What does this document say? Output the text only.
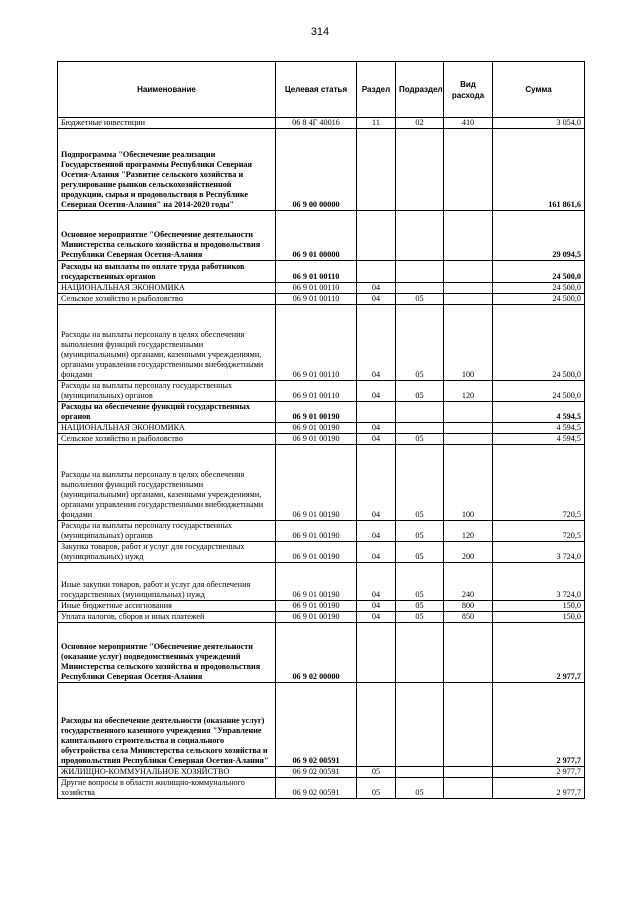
314
Наименование	Целевая статья	Раздел	Подраздел	Вид расхода	Сумма
Бюджетные инвестиции	06 8 4Г 40016	11	02	410	3 054,0
Подпрограмма "Обеспечение реализации Государственной программы Республики Северная Осетия-Алания "Развитие сельского хозяйства и регулирование рынков сельскохозяйственной продукции, сырья и продовольствия в Республике Северная Осетия-Алания" на 2014-2020 годы"	06 9 00 00000				161 861,6
Основное мероприятие "Обеспечение деятельности Министерства сельского хозяйства и продовольствия Республики Северная Осетия-Алания	06 9 01 00000				29 094,5
Расходы на выплаты по оплате труда работников государственных органов	06 9 01 00110				24 500,0
НАЦИОНАЛЬНАЯ ЭКОНОМИКА	06 9 01 00110	04			24 500,0
Сельское хозяйство и рыболовство	06 9 01 00110	04	05		24 500,0
Расходы на выплаты персоналу в целях обеспечения выполнения функций государственными (муниципальными) органами, казенными учреждениями, органами управления государственными внебюджетными фондами	06 9 01 00110	04	05	100	24 500,0
Расходы на выплаты персоналу государственных (муниципальных) органов	06 9 01 00110	04	05	120	24 500,0
Расходы на обеспечение функций государственных органов	06 9 01 00190				4 594,5
НАЦИОНАЛЬНАЯ ЭКОНОМИКА	06 9 01 00190	04			4 594,5
Сельское хозяйство и рыболовство	06 9 01 00190	04	05		4 594,5
Расходы на выплаты персоналу в целях обеспечения выполнения функций государственными (муниципальными) органами, казенными учреждениями, органами управления государственными внебюджетными фондами	06 9 01 00190	04	05	100	720,5
Расходы на выплаты персоналу государственных (муниципальных) органов	06 9 01 00190	04	05	120	720,5
Закупка товаров, работ и услуг для государственных (муниципальных) нужд	06 9 01 00190	04	05	200	3 724,0
Иные закупки товаров, работ и услуг для обеспечения государственных (муниципальных) нужд	06 9 01 00190	04	05	240	3 724,0
Иные бюджетные ассигнования	06 9 01 00190	04	05	800	150,0
Уплата налогов, сборов и иных платежей	06 9 01 00190	04	05	850	150,0
Основное мероприятие "Обеспечение деятельности (оказание услуг) подведомственных учреждений Министерства сельского хозяйства и продовольствия Республики Северная Осетия-Алания	06 9 02 00000				2 977,7
Расходы на обеспечение деятельности (оказание услуг) государственного казенного учреждения "Управление капитального строительства и социального обустройства села Министерства сельского хозяйства и продовольствия Республики Северная Осетия-Алания"	06 9 02 00591				2 977,7
ЖИЛИЩНО-КОММУНАЛЬНОЕ ХОЗЯЙСТВО	06 9 02 00591	05			2 977,7
Другие вопросы в области жилищно-коммунального хозяйства	06 9 02 00591	05	05		2 977,7
